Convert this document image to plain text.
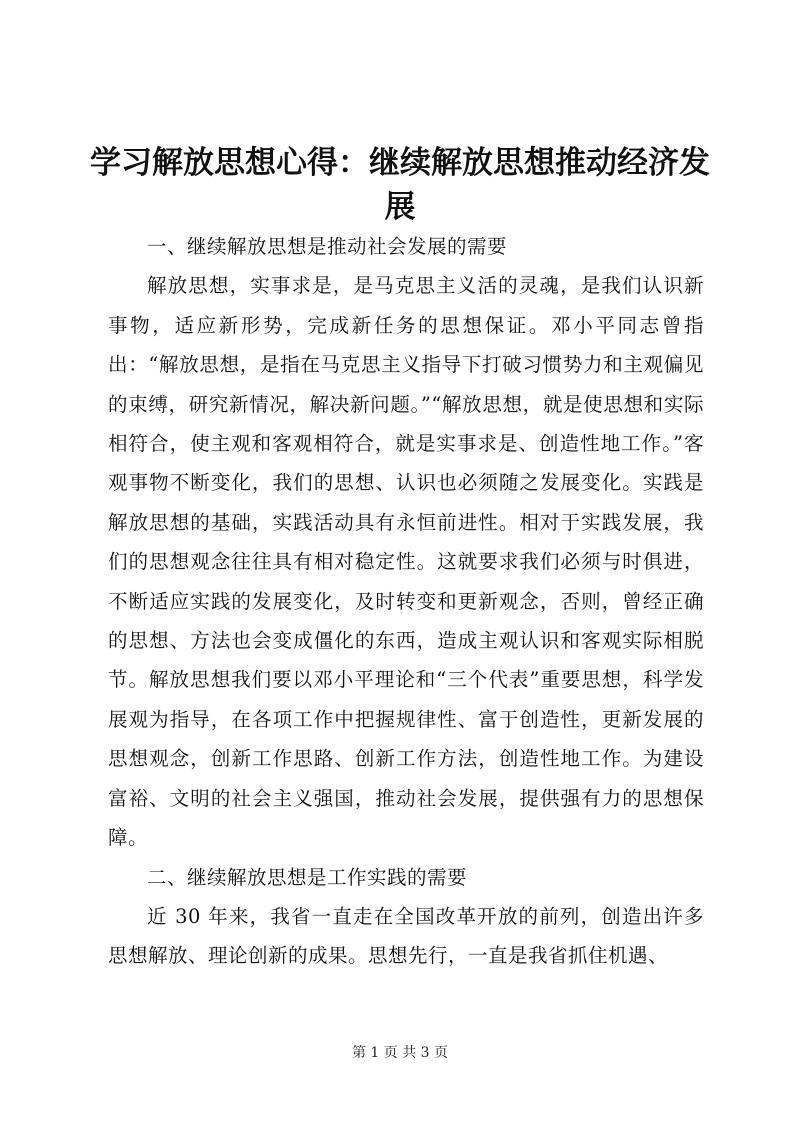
学习解放思想心得：继续解放思想推动经济发展
一、继续解放思想是推动社会发展的需要

解放思想，实事求是，是马克思主义活的灵魂，是我们认识新事物，适应新形势，完成新任务的思想保证。邓小平同志曾指出：“解放思想，是指在马克思主义指导下打破习惯势力和主观偏见的束缚，研究新情况，解决新问题。”“解放思想，就是使思想和实际相符合，使主观和客观相符合，就是实事求是、创造性地工作。”客观事物不断变化，我们的思想、认识也必须随之发展变化。实践是解放思想的基础，实践活动具有永恒前进性。相对于实践发展，我们的思想观念往往具有相对稳定性。这就要求我们必须与时俱进，不断适应实践的发展变化，及时转变和更新观念，否则，曾经正确的思想、方法也会变成僵化的东西，造成主观认识和客观实际相脱节。解放思想我们要以邓小平理论和“三个代表”重要思想，科学发展观为指导，在各项工作中把握规律性、富于创造性，更新发展的思想观念，创新工作思路、创新工作方法，创造性地工作。为建设富裕、文明的社会主义强国，推动社会发展，提供强有力的思想保障。

二、继续解放思想是工作实践的需要

近 30 年来，我省一直走在全国改革开放的前列，创造出许多思想解放、理论创新的成果。思想先行，一直是我省抓住机遇、

第 1 页 共 3 页
